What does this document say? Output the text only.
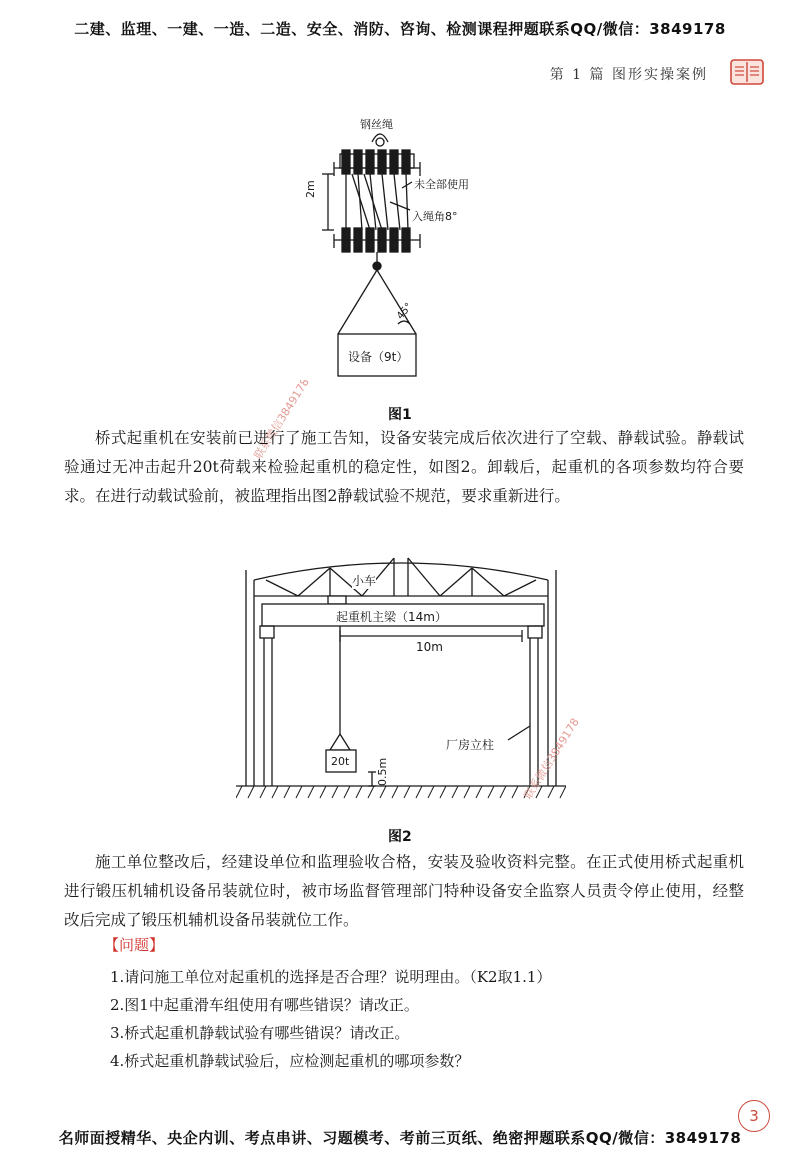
二建、监理、一建、一造、二造、安全、消防、咨询、检测课程押题联系QQ/微信：3849178
第 1 篇 图形实操案例
钢丝绳
未全部使用
2m
入绳角8°
45°
设备（9t）
图1
联系微信3849178
桥式起重机在安装前已进行了施工告知，设备安装完成后依次进行了空载、静载试验。静载试验通过无冲击起升20t荷载来检验起重机的稳定性，如图2。卸载后，起重机的各项参数均符合要求。在进行动载试验前，被监理指出图2静载试验不规范，要求重新进行。
小车
起重机主梁（14m）
10m
厂房立柱
20t 0.5m
图2
联系微信3849178
施工单位整改后，经建设单位和监理验收合格，安装及验收资料完整。在正式使用桥式起重机进行锻压机辅机设备吊装就位时，被市场监督管理部门特种设备安全监察人员责令停止使用，经整改后完成了锻压机辅机设备吊装就位工作。
【问题】
1.请问施工单位对起重机的选择是否合理？说明理由。（K2取1.1）
2.图1中起重滑车组使用有哪些错误？请改正。
3.桥式起重机静载试验有哪些错误？请改正。
4.桥式起重机静载试验后，应检测起重机的哪项参数？
3
名师面授精华、央企内训、考点串讲、习题模考、考前三页纸、绝密押题联系QQ/微信：3849178
